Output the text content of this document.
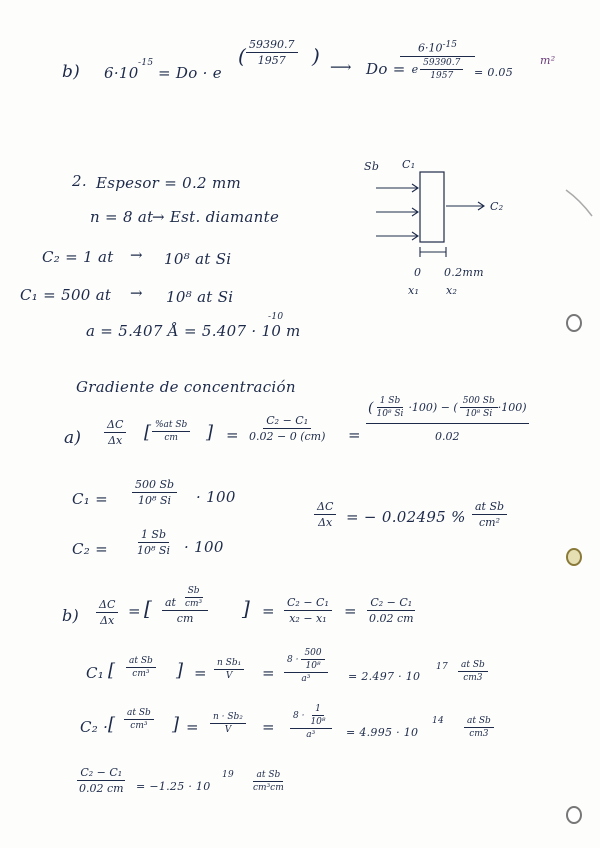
b) 6·10
-15
= Do · e
( $\frac{59390.7}{1957}$ ) ⟶ Do =
$\frac{6\cdot 10^{-15}}{e \frac{59390.7}{1957}} = 0.05$
m²
2. Espesor = 0.2 mm
n = 8 at
→ Est. diamante
C₂ = 1 at → 10⁸ at Si
C₁ = 500 at → 10⁸ at Si
a = 5.407 Å = 5.407 · 10
-10
m
Sb C₁
C₂
0 0.2mm
x₁ x₂
Gradiente de concentración
$a) \frac{\Delta C}{\Delta x}$ [ $\frac{\text{\%at Sb}}{cm}$ ] = $\frac{\text{C₂ − C₁}}{0.02 - 0 (cm)}$ =
( $\frac{1 Sb}{\text{10⁸ Si}} \cdot 100$) − ( $\frac{500 Sb}{\text{10⁸ Si}} \cdot 100$)
0.02
$C_1 = \frac{500 Sb}{\text{10⁸ Si}} \cdot 100$
$C_2 = \frac{1 Sb}{\text{10⁸ Si}} \cdot 100$
$\frac{\Delta C}{\Delta x}$ = − 0.02495 % $\frac{\text{at Sb}}{\text{cm²}}$
$b) \frac{\Delta C}{\Delta x}$ = [ $\frac{at \frac{Sb}{\text{cm³}}}{cm}$ ] = $\frac{\text{C₂ − C₁}}{\text{x₂ − x₁}} = \frac{\text{C₂ − C₁}}{0.02 cm}$
C₁ [ $\frac{\text{at Sb}}{\text{cm³}}$ ] = $\frac{\text{n Sb₁}}{V} = \frac{8 \cdot \frac{500}{\text{10⁸}}}{\text{a³}} = 2.497 \cdot 10$
$17 \frac{\text{at Sb}}{cm3}$
C₂ · [ $\frac{\text{at Sb}}{\text{cm³}}$ ] = $\frac{\text{n · Sb₂}}{V} = \frac{8 \cdot \frac{1}{\text{10⁸}}}{\text{a³}} = 4.995 \cdot 10$
$14 \frac{\text{at Sb}}{cm3}$
$\frac{\text{C₂ − C₁}}{0.02 cm} = -1.25 \cdot 10$
$19 \frac{\text{at Sb}}{\text{cm³cm}}$
